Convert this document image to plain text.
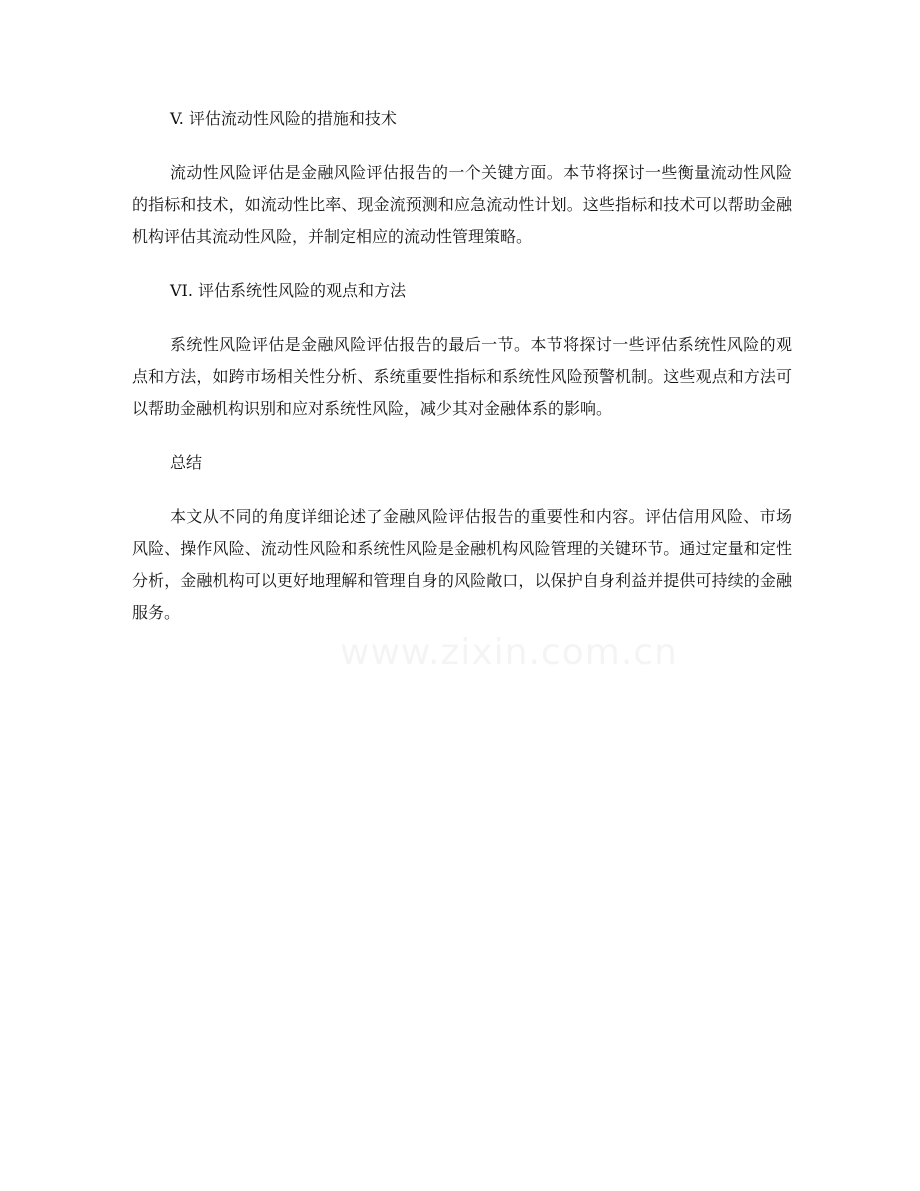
V. 评估流动性风险的措施和技术

流动性风险评估是金融风险评估报告的一个关键方面。本节将探讨一些衡量流动性风险的指标和技术，如流动性比率、现金流预测和应急流动性计划。这些指标和技术可以帮助金融机构评估其流动性风险，并制定相应的流动性管理策略。

VI. 评估系统性风险的观点和方法

系统性风险评估是金融风险评估报告的最后一节。本节将探讨一些评估系统性风险的观点和方法，如跨市场相关性分析、系统重要性指标和系统性风险预警机制。这些观点和方法可以帮助金融机构识别和应对系统性风险，减少其对金融体系的影响。

总结

本文从不同的角度详细论述了金融风险评估报告的重要性和内容。评估信用风险、市场风险、操作风险、流动性风险和系统性风险是金融机构风险管理的关键环节。通过定量和定性分析，金融机构可以更好地理解和管理自身的风险敞口，以保护自身利益并提供可持续的金融服务。
